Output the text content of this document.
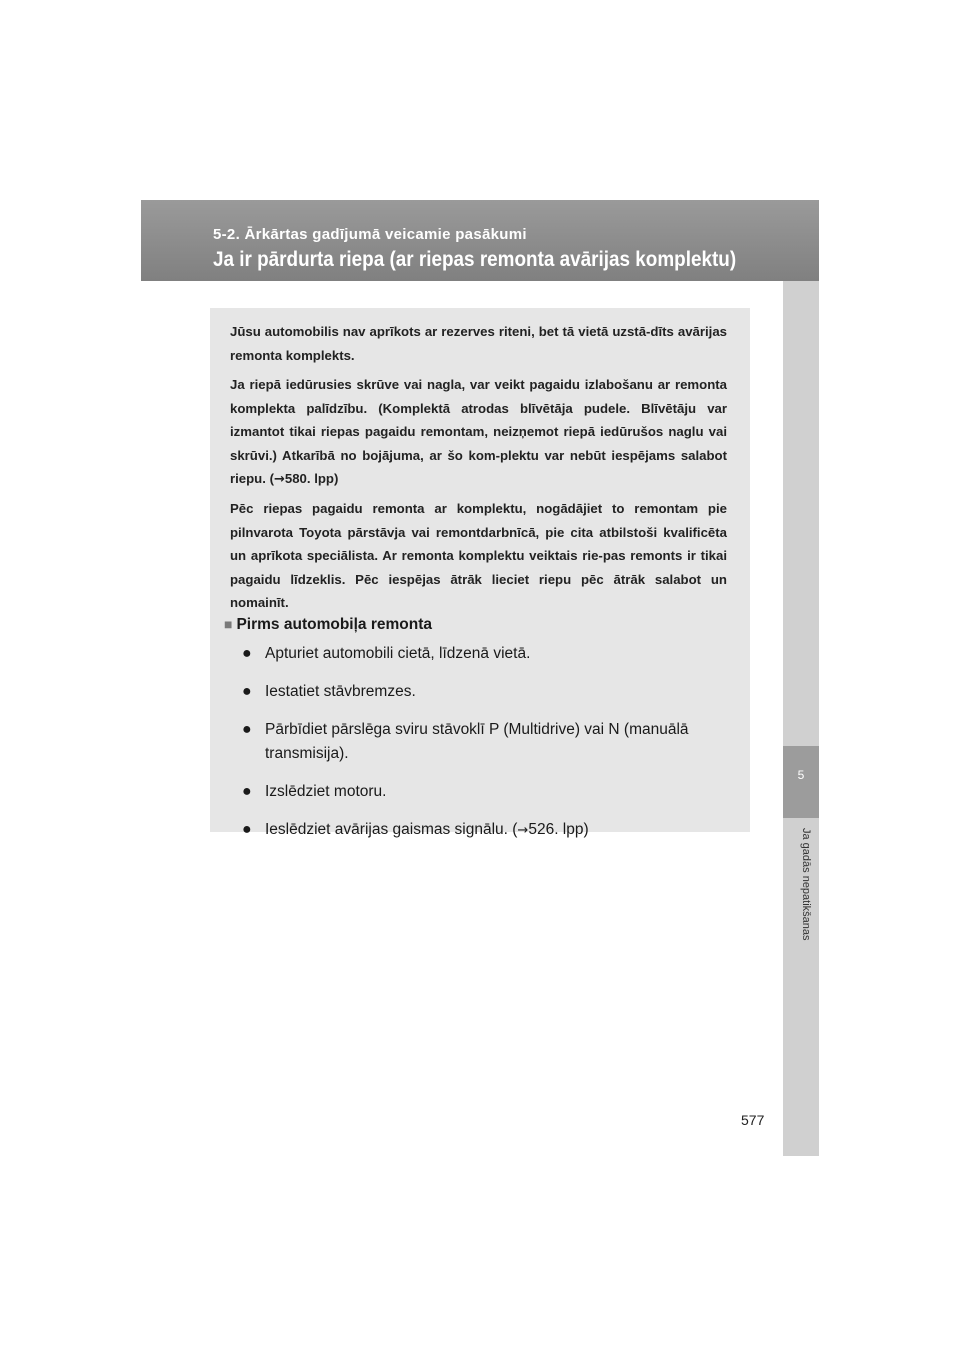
5-2. Ārkārtas gadījumā veicamie pasākumi
Ja ir pārdurta riepa (ar riepas remonta avārijas komplektu)
5
Ja gadās nepatikšanas

Jūsu automobilis nav aprīkots ar rezerves riteni, bet tā vietā uzstā-dīts avārijas remonta komplekts.

Ja riepā iedūrusies skrūve vai nagla, var veikt pagaidu izlabošanu ar remonta komplekta palīdzību. (Komplektā atrodas blīvētāja pudele. Blīvētāju var izmantot tikai riepas pagaidu remontam, neizņemot riepā iedūrušos naglu vai skrūvi.) Atkarībā no bojājuma, ar šo kom-plektu var nebūt iespējams salabot riepu. (→580. lpp)

Pēc riepas pagaidu remonta ar komplektu, nogādājiet to remontam pie pilnvarota Toyota pārstāvja vai remontdarbnīcā, pie cita atbilstoši kvalificēta un aprīkota speciālista. Ar remonta komplektu veiktais rie-pas remonts ir tikai pagaidu līdzeklis. Pēc iespējas ātrāk lieciet riepu pēc ātrāk salabot un nomainīt.

■ Pirms automobiļa remonta
● Apturiet automobili cietā, līdzenā vietā.
● Iestatiet stāvbremzes.
● Pārbīdiet pārslēga sviru stāvoklī P (Multidrive) vai N (manuālā transmisija).
● Izslēdziet motoru.
● Ieslēdziet avārijas gaismas signālu. (→526. lpp)
577
